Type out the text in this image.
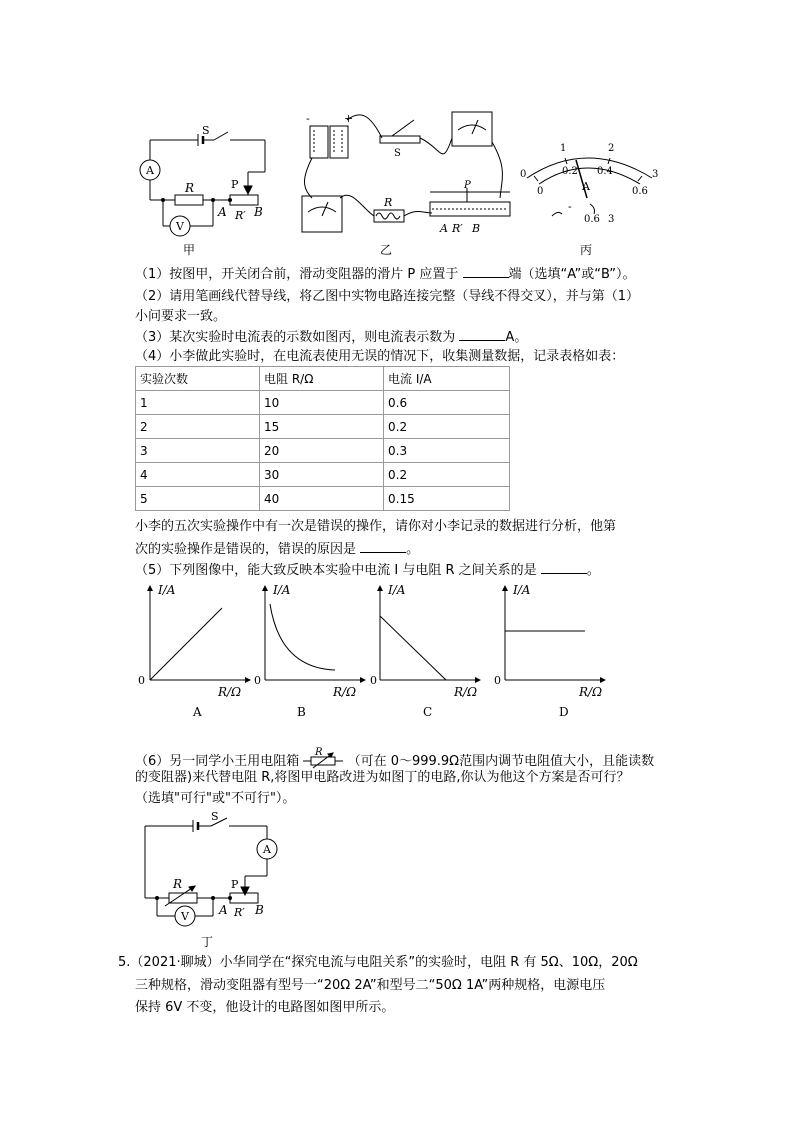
S
A
V
R	P
A R′ B
-	+
S
R
P
A R′ B
0
1	2
3
0
0.2 0.4
0.6
A
-
0.6 3
甲	乙	丙
（1）按图甲，开关闭合前，滑动变阻器的滑片 P 应置于	端（选填“A”或“B”）。
（2）请用笔画线代替导线，将乙图中实物电路连接完整（导线不得交叉），并与第（1）
小问要求一致。
（3）某次实验时电流表的示数如图丙，则电流表示数为	A。
（4）小李做此实验时，在电流表使用无误的情况下，收集测量数据，记录表格如表：
实验次数	电阻 R/Ω	电流 I/A
1	10	0.6
2	15	0.2
3	20	0.3
4	30	0.2
5	40	0.15
小李的五次实验操作中有一次是错误的操作，请你对小李记录的数据进行分析，他第
次的实验操作是错误的，错误的原因是	。
（5）下列图像中，能大致反映本实验中电流 I 与电阻 R 之间关系的是	。
I/A	I/A	I/A	I/A
R/Ω	R/Ω	R/Ω	R/Ω
0	0	0	0
A	B	C	D
（6）另一同学小王用电阻箱
R
（可在 0～999.9Ω范围内调节电阻值大小，且能读数
的变阻器)来代替电阻 R,将图甲电路改进为如图丁的电路,你认为他这个方案是否可行？
（选填"可行"或"不可行"）。
S
A
V
R	P
A R′ B
丁
5.（2021·聊城）小华同学在“探究电流与电阻关系”的实验时，电阻 R 有 5Ω、10Ω，20Ω
三种规格，滑动变阻器有型号一“20Ω 2A”和型号二“50Ω 1A”两种规格，电源电压
保持 6V 不变，他设计的电路图如图甲所示。
